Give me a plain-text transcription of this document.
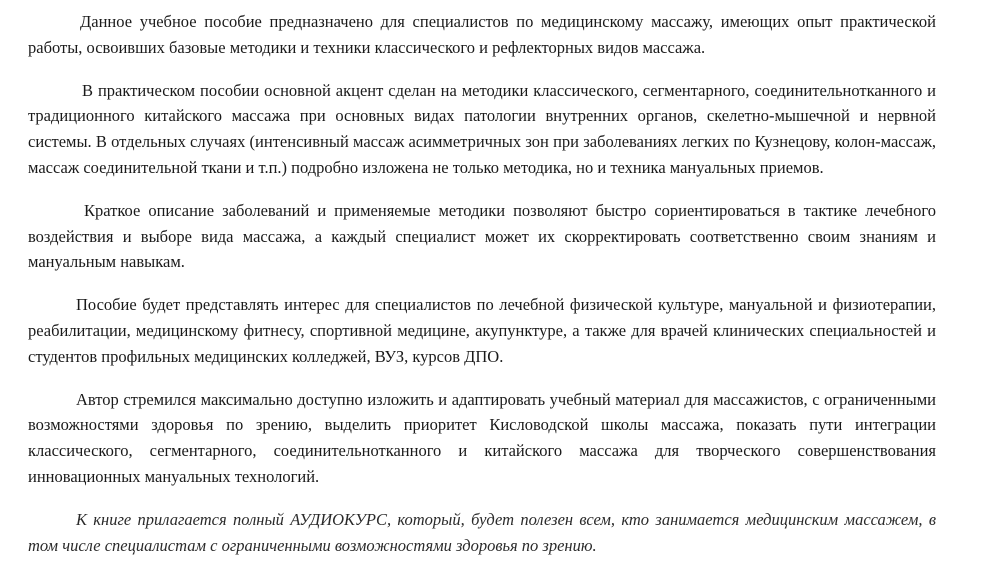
Данное учебное пособие предназначено для специалистов по медицинскому массажу, имеющих опыт практической работы, освоивших базовые методики и техники классического и рефлекторных видов массажа.

В практическом пособии основной акцент сделан на методики классического, сегментарного, соединительнотканного и традиционного китайского массажа при основных видах патологии внутренних органов, скелетно-мышечной и нервной системы. В отдельных случаях (интенсивный массаж асимметричных зон при заболеваниях легких по Кузнецову, колон-массаж, массаж соединительной ткани и т.п.) подробно изложена не только методика, но и техника мануальных приемов.

Краткое описание заболеваний и применяемые методики позволяют быстро сориентироваться в тактике лечебного воздействия и выборе вида массажа, а каждый специалист может их скорректировать соответственно своим знаниям и мануальным навыкам.

Пособие будет представлять интерес для специалистов по лечебной физической культуре, мануальной и физиотерапии, реабилитации, медицинскому фитнесу, спортивной медицине, акупунктуре, а также для врачей клинических специальностей и студентов профильных медицинских колледжей, ВУЗ, курсов ДПО.

Автор стремился максимально доступно изложить и адаптировать учебный материал для массажистов, с ограниченными возможностями здоровья по зрению, выделить приоритет Кисловодской школы массажа, показать пути интеграции классического, сегментарного, соединительнотканного и китайского массажа для творческого совершенствования инновационных мануальных технологий.

К книге прилагается полный АУДИОКУРС, который, будет полезен всем, кто занимается медицинским массажем, в том числе специалистам с ограниченными возможностями здоровья по зрению.
